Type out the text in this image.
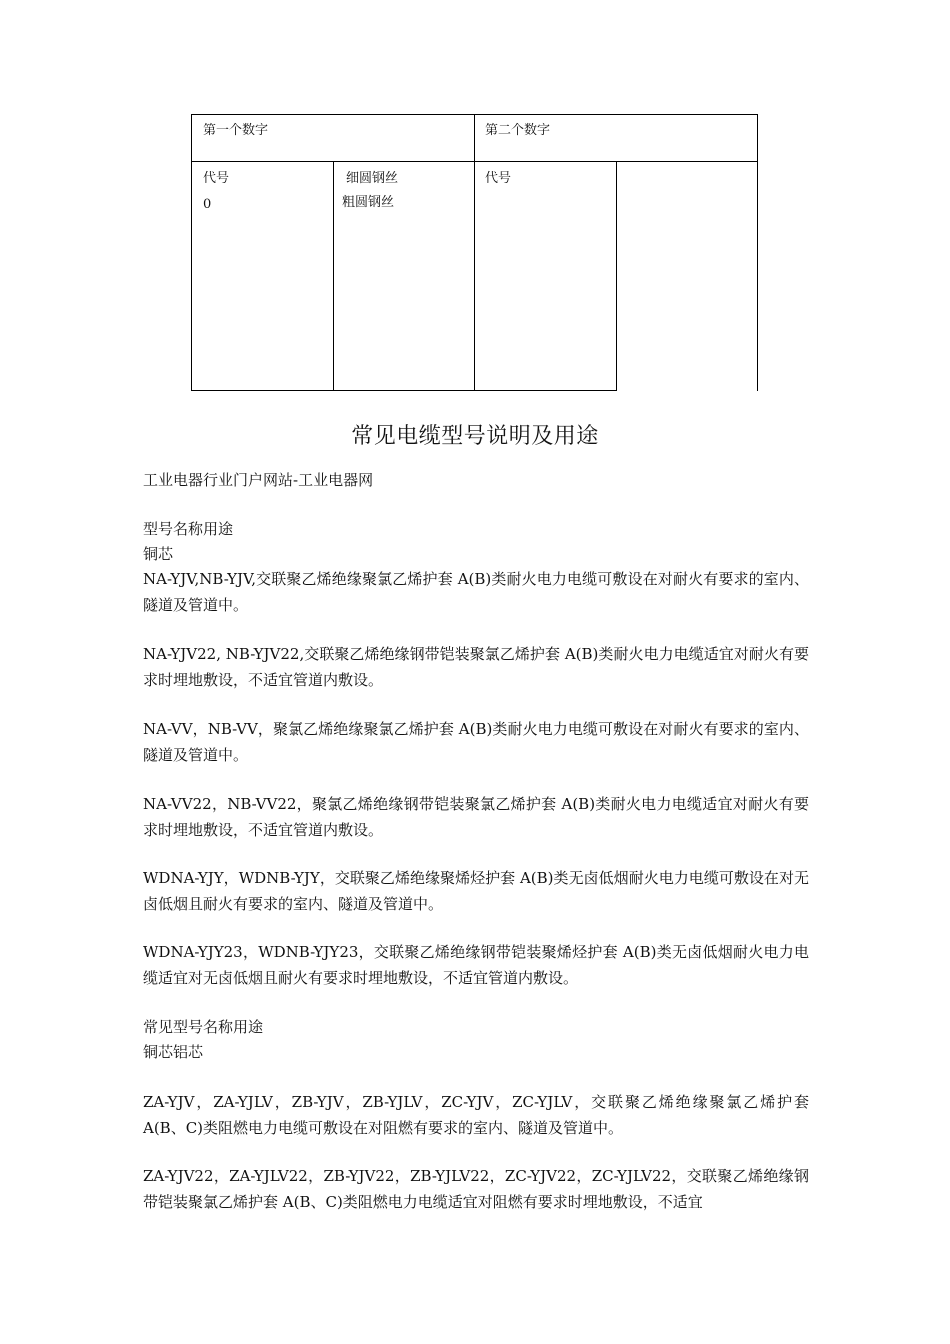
第一个数字	第二个数字
代号
0
细圆钢丝
粗圆钢丝
代号
常见电缆型号说明及用途

工业电器行业门户网站-工业电器网

型号名称用途

铜芯

NA-YJV,NB-YJV,交联聚乙烯绝缘聚氯乙烯护套 A(B)类耐火电力电缆可敷设在对耐火有要求的室内、隧道及管道中。

NA-YJV22, NB-YJV22,交联聚乙烯绝缘钢带铠装聚氯乙烯护套 A(B)类耐火电力电缆适宜对耐火有要求时埋地敷设，不适宜管道内敷设。

NA-VV，NB-VV，聚氯乙烯绝缘聚氯乙烯护套 A(B)类耐火电力电缆可敷设在对耐火有要求的室内、隧道及管道中。

NA-VV22，NB-VV22，聚氯乙烯绝缘钢带铠装聚氯乙烯护套 A(B)类耐火电力电缆适宜对耐火有要求时埋地敷设，不适宜管道内敷设。

WDNA-YJY，WDNB-YJY，交联聚乙烯绝缘聚烯烃护套 A(B)类无卤低烟耐火电力电缆可敷设在对无卤低烟且耐火有要求的室内、隧道及管道中。

WDNA-YJY23，WDNB-YJY23，交联聚乙烯绝缘钢带铠装聚烯烃护套 A(B)类无卤低烟耐火电力电缆适宜对无卤低烟且耐火有要求时埋地敷设，不适宜管道内敷设。

常见型号名称用途

铜芯铝芯

ZA-YJV，ZA-YJLV，ZB-YJV，ZB-YJLV，ZC-YJV，ZC-YJLV，交联聚乙烯绝缘聚氯乙烯护套 A(B、C)类阻燃电力电缆可敷设在对阻燃有要求的室内、隧道及管道中。

ZA-YJV22，ZA-YJLV22，ZB-YJV22，ZB-YJLV22，ZC-YJV22，ZC-YJLV22，交联聚乙烯绝缘钢带铠装聚氯乙烯护套 A(B、C)类阻燃电力电缆适宜对阻燃有要求时埋地敷设，不适宜
